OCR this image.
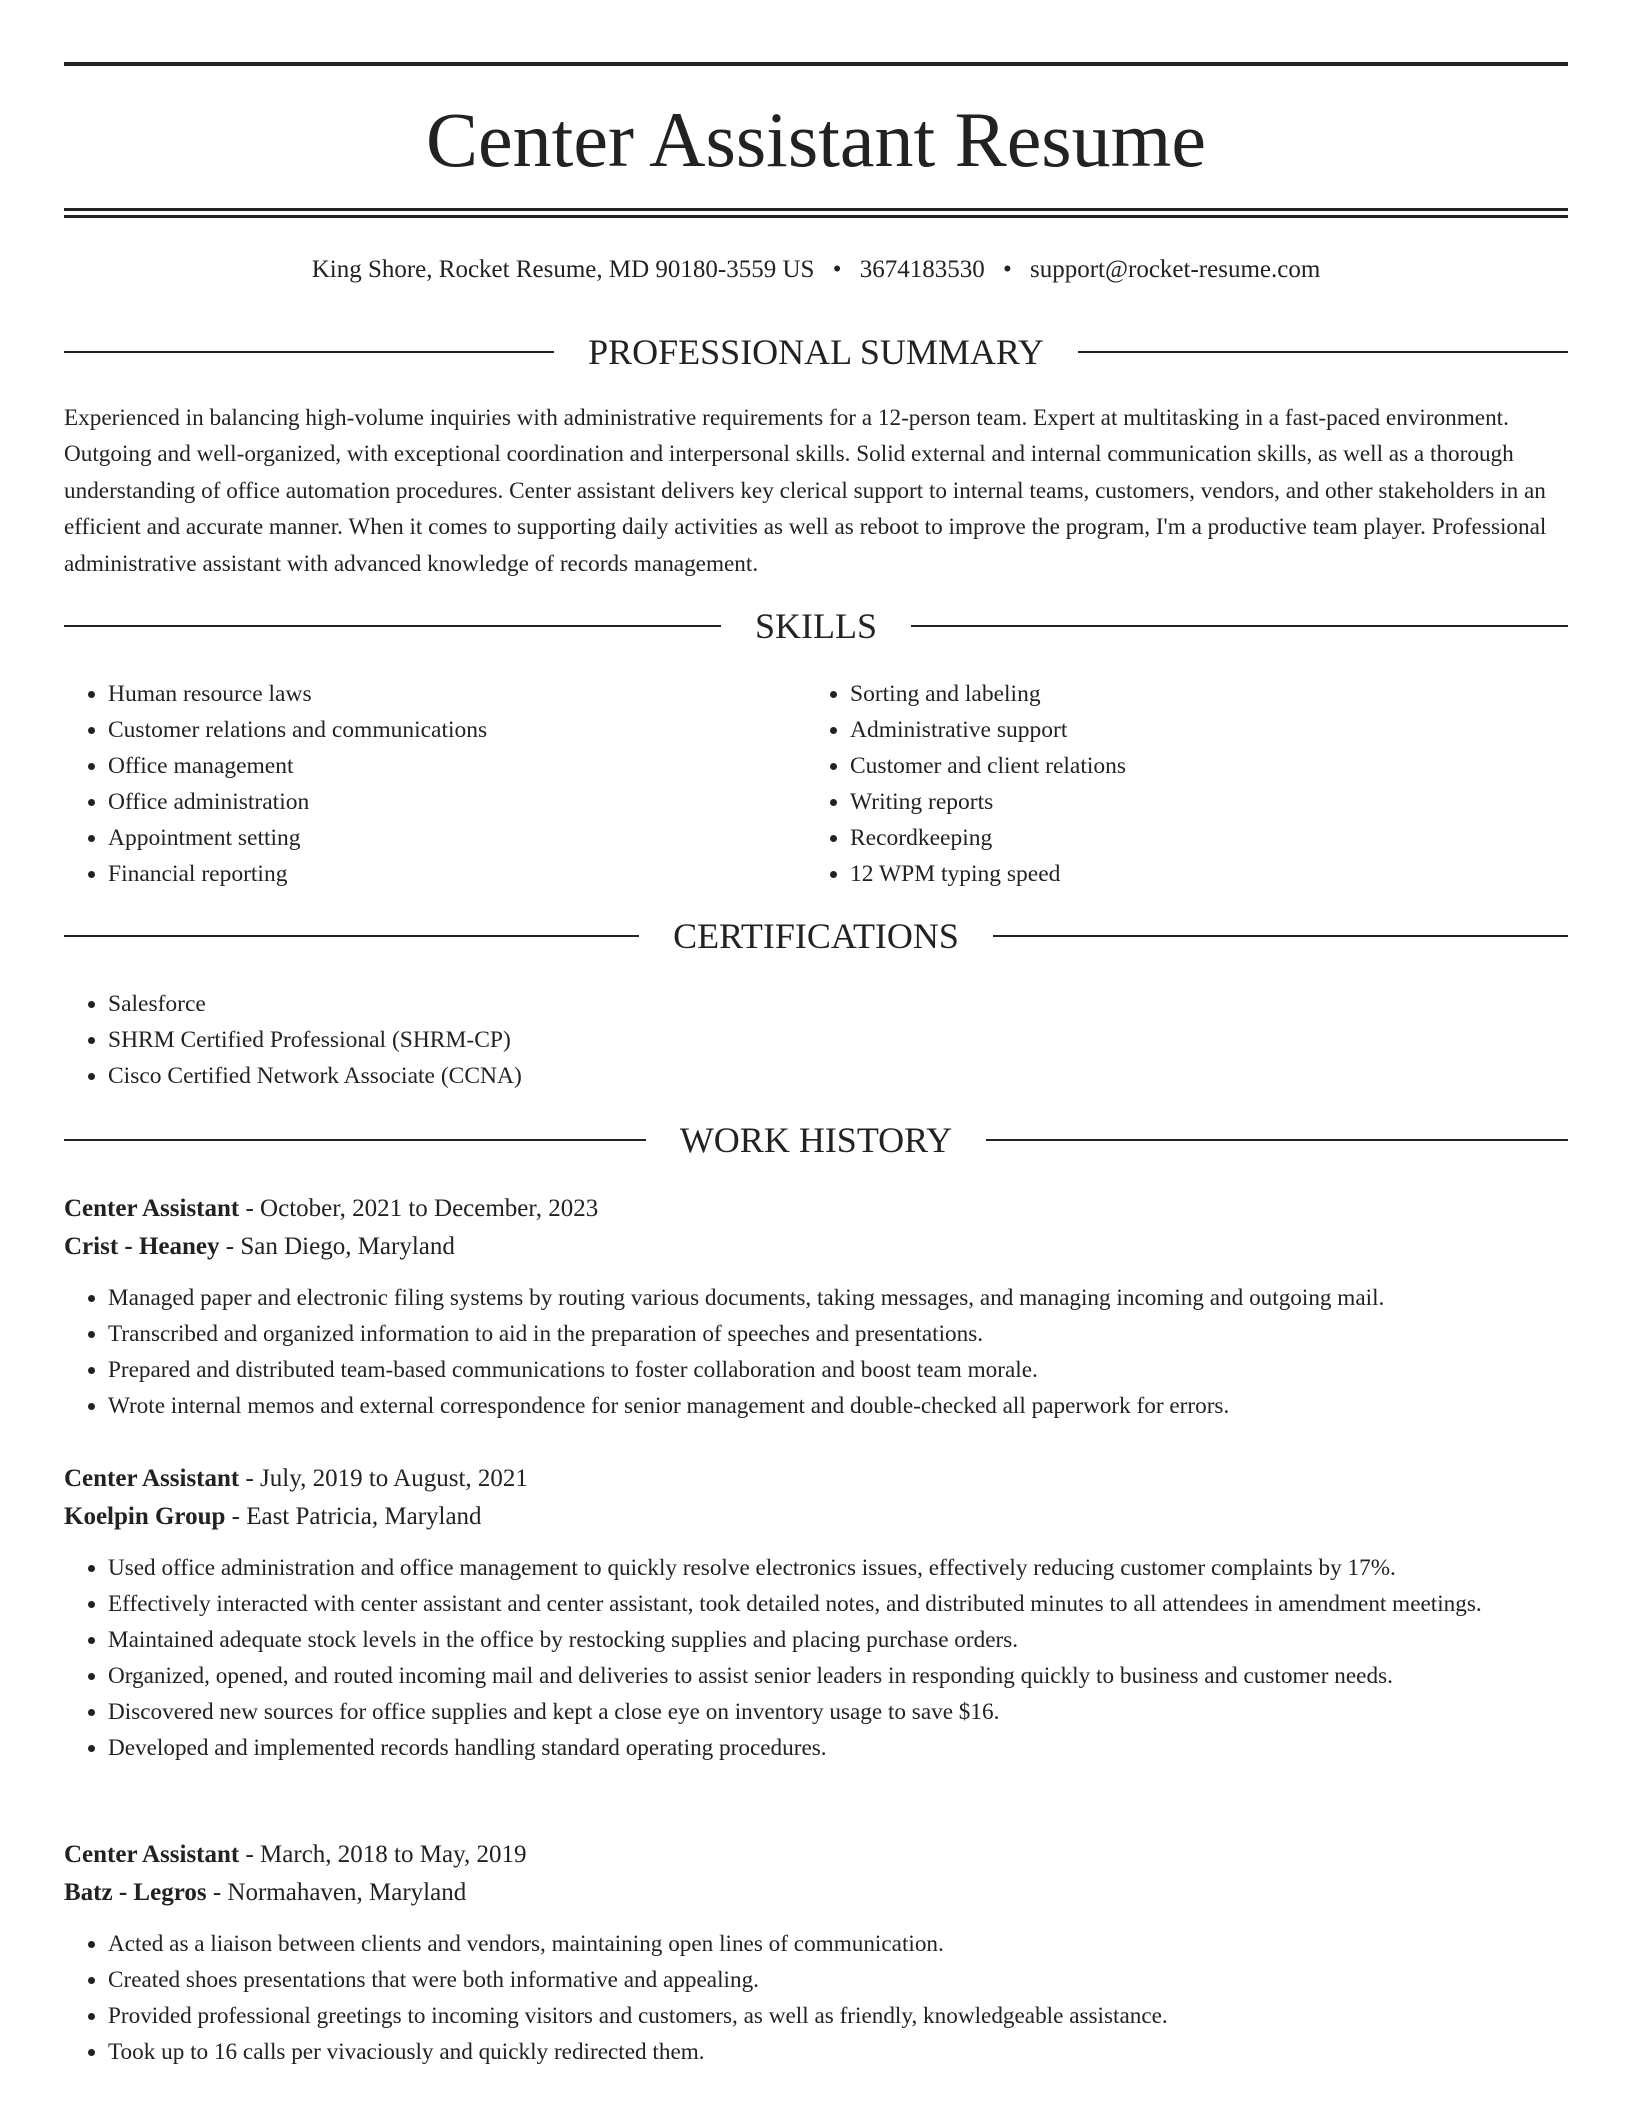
Center Assistant Resume
King Shore, Rocket Resume, MD 90180-3559 US • 3674183530 • support@rocket-resume.com
PROFESSIONAL SUMMARY

Experienced in balancing high-volume inquiries with administrative requirements for a 12-person team. Expert at multitasking in a fast-paced environment. Outgoing and well-organized, with exceptional coordination and interpersonal skills. Solid external and internal communication skills, as well as a thorough understanding of office automation procedures. Center assistant delivers key clerical support to internal teams, customers, vendors, and other stakeholders in an efficient and accurate manner. When it comes to supporting daily activities as well as reboot to improve the program, I'm a productive team player. Professional administrative assistant with advanced knowledge of records management.

SKILLS
• Human resource laws
• Customer relations and communications
• Office management
• Office administration
• Appointment setting
• Financial reporting
• Sorting and labeling
• Administrative support
• Customer and client relations
• Writing reports
• Recordkeeping
• 12 WPM typing speed
CERTIFICATIONS
• Salesforce
• SHRM Certified Professional (SHRM-CP)
• Cisco Certified Network Associate (CCNA)
WORK HISTORY
Center Assistant - October, 2021 to December, 2023
Crist - Heaney - San Diego, Maryland
• Managed paper and electronic filing systems by routing various documents, taking messages, and managing incoming and outgoing mail.
• Transcribed and organized information to aid in the preparation of speeches and presentations.
• Prepared and distributed team-based communications to foster collaboration and boost team morale.
• Wrote internal memos and external correspondence for senior management and double-checked all paperwork for errors.
Center Assistant - July, 2019 to August, 2021
Koelpin Group - East Patricia, Maryland
• Used office administration and office management to quickly resolve electronics issues, effectively reducing customer complaints by 17%.
• Effectively interacted with center assistant and center assistant, took detailed notes, and distributed minutes to all attendees in amendment meetings.
• Maintained adequate stock levels in the office by restocking supplies and placing purchase orders.
• Organized, opened, and routed incoming mail and deliveries to assist senior leaders in responding quickly to business and customer needs.
• Discovered new sources for office supplies and kept a close eye on inventory usage to save $16.
• Developed and implemented records handling standard operating procedures.
Center Assistant - March, 2018 to May, 2019
Batz - Legros - Normahaven, Maryland
• Acted as a liaison between clients and vendors, maintaining open lines of communication.
• Created shoes presentations that were both informative and appealing.
• Provided professional greetings to incoming visitors and customers, as well as friendly, knowledgeable assistance.
• Took up to 16 calls per vivaciously and quickly redirected them.
